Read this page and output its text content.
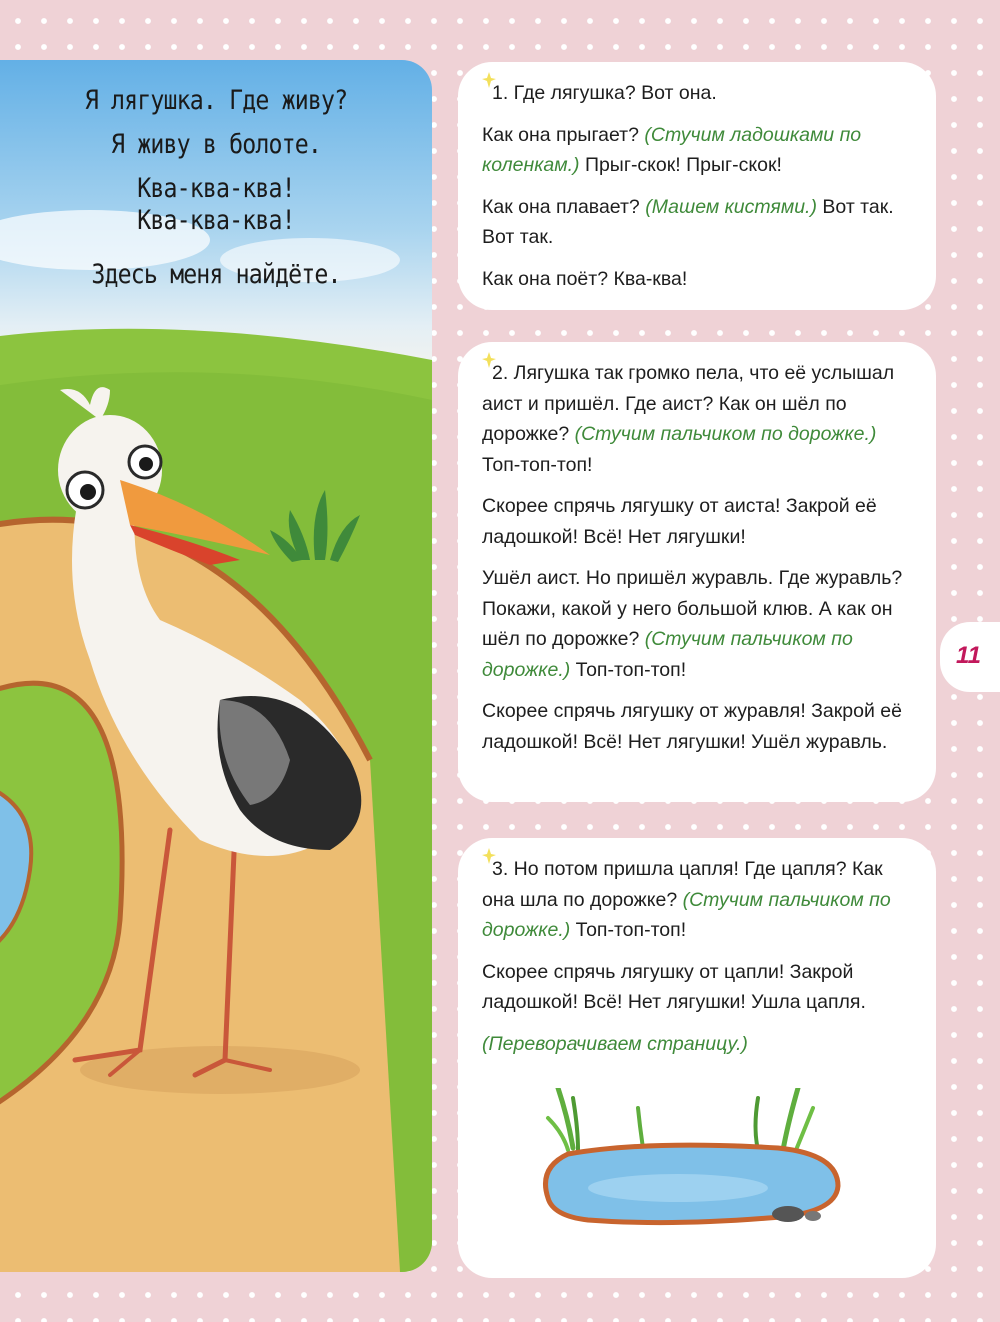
Я лягушка. Где живу?
Я живу в болоте.
Ква-ква-ква!
Ква-ква-ква!
Здесь меня найдёте.
1. Где лягушка? Вот она.
Как она прыгает? (Стучим ладошками по коленкам.) Прыг-скок! Прыг-скок!
Как она плавает? (Машем кистями.) Вот так. Вот так.
Как она поёт? Ква-ква!
2. Лягушка так громко пела, что её услышал аист и пришёл. Где аист? Как он шёл по дорожке? (Стучим пальчиком по дорожке.) Топ-топ-топ!
Скорее спрячь лягушку от аиста! Закрой её ладошкой! Всё! Нет лягушки!
Ушёл аист. Но пришёл журавль. Где журавль? Покажи, какой у него большой клюв. А как он шёл по дорожке? (Стучим пальчиком по дорожке.) Топ-топ-топ!
Скорее спрячь лягушку от журавля! Закрой её ладошкой! Всё! Нет лягушки! Ушёл журавль.
3. Но потом пришла цапля! Где цапля? Как она шла по дорожке? (Стучим пальчиком по дорожке.) Топ-топ-топ!
Скорее спрячь лягушку от цапли! Закрой ладошкой! Всё! Нет лягушки! Ушла цапля.
(Переворачиваем страницу.)
11
